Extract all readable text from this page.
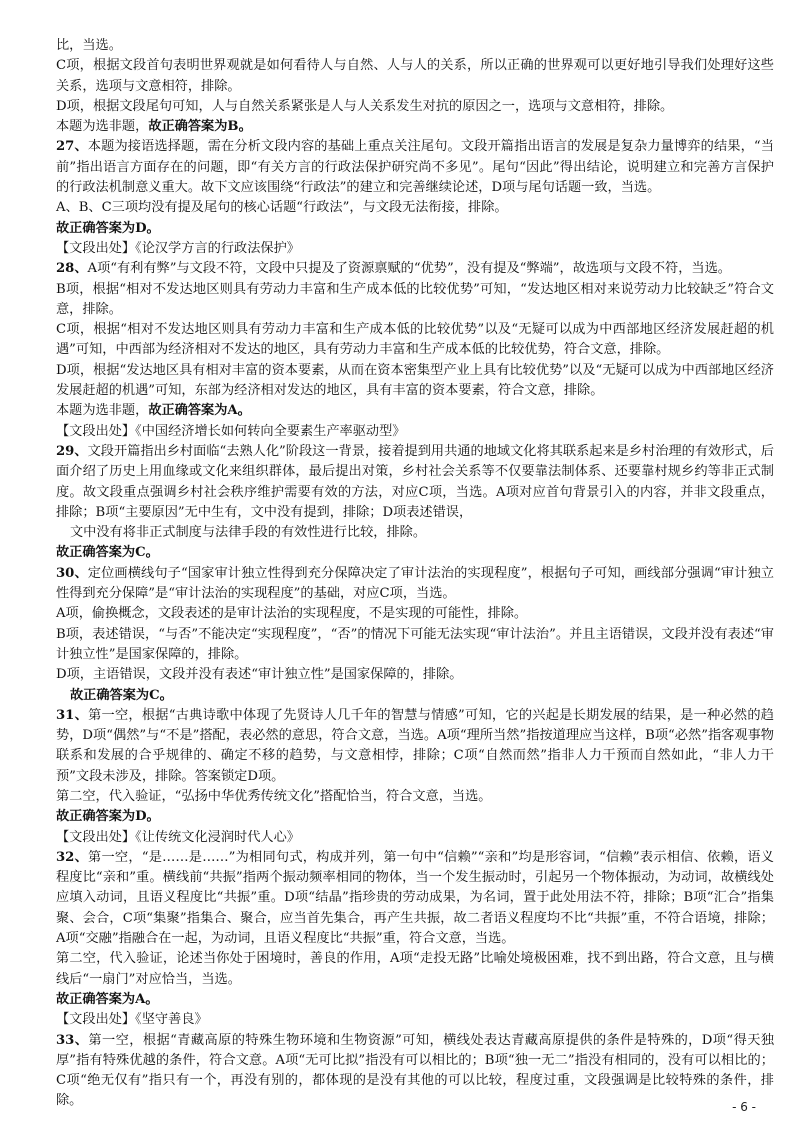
比，当选。

C项，根据文段首句表明世界观就是如何看待人与自然、人与人的关系，所以正确的世界观可以更好地引导我们处理好这些关系，选项与文意相符，排除。

D项，根据文段尾句可知，人与自然关系紧张是人与人关系发生对抗的原因之一，选项与文意相符，排除。

本题为选非题，故正确答案为B。

27、本题为接语选择题，需在分析文段内容的基础上重点关注尾句。文段开篇指出语言的发展是复杂力量博弈的结果，“当前”指出语言方面存在的问题，即“有关方言的行政法保护研究尚不多见”。尾句“因此”得出结论，说明建立和完善方言保护的行政法机制意义重大。故下文应该围绕“行政法”的建立和完善继续论述，D项与尾句话题一致，当选。

A、B、C三项均没有提及尾句的核心话题“行政法”，与文段无法衔接，排除。

故正确答案为D。

【文段出处】《论汉学方言的行政法保护》

28、A项“有利有弊”与文段不符，文段中只提及了资源禀赋的“优势”，没有提及“弊端”，故选项与文段不符，当选。

B项，根据“相对不发达地区则具有劳动力丰富和生产成本低的比较优势”可知，“发达地区相对来说劳动力比较缺乏”符合文意，排除。

C项，根据“相对不发达地区则具有劳动力丰富和生产成本低的比较优势”以及“无疑可以成为中西部地区经济发展赶超的机遇”可知，中西部为经济相对不发达的地区，具有劳动力丰富和生产成本低的比较优势，符合文意，排除。

D项，根据“发达地区具有相对丰富的资本要素，从而在资本密集型产业上具有比较优势”以及“无疑可以成为中西部地区经济发展赶超的机遇”可知，东部为经济相对发达的地区，具有丰富的资本要素，符合文意，排除。

本题为选非题，故正确答案为A。

【文段出处】《中国经济增长如何转向全要素生产率驱动型》

29、文段开篇指出乡村面临“去熟人化”阶段这一背景，接着提到用共通的地域文化将其联系起来是乡村治理的有效形式，后面介绍了历史上用血缘或文化来组织群体，最后提出对策，乡村社会关系等不仅要靠法制体系、还要靠村规乡约等非正式制度。故文段重点强调乡村社会秩序维护需要有效的方法，对应C项，当选。A项对应首句背景引入的内容，并非文段重点，排除；B项“主要原因”无中生有，文中没有提到，排除；D项表述错误，

文中没有将非正式制度与法律手段的有效性进行比较，排除。

故正确答案为C。

30、定位画横线句子“国家审计独立性得到充分保障决定了审计法治的实现程度”，根据句子可知，画线部分强调“审计独立性得到充分保障”是“审计法治的实现程度”的基础，对应C项，当选。

A项，偷换概念，文段表述的是审计法治的实现程度，不是实现的可能性，排除。

B项，表述错误，“与否”不能决定“实现程度”，“否”的情况下可能无法实现“审计法治”。并且主语错误，文段并没有表述“审计独立性”是国家保障的，排除。

D项，主语错误，文段并没有表述“审计独立性”是国家保障的，排除。

故正确答案为C。

31、第一空，根据“古典诗歌中体现了先贤诗人几千年的智慧与情感”可知，它的兴起是长期发展的结果，是一种必然的趋势，D项“偶然”与“不是”搭配，表必然的意思，符合文意，当选。A项“理所当然”指按道理应当这样，B项“必然”指客观事物联系和发展的合乎规律的、确定不移的趋势，与文意相悖，排除；C项“自然而然”指非人力干预而自然如此，“非人力干预”文段未涉及，排除。答案锁定D项。

第二空，代入验证，“弘扬中华优秀传统文化”搭配恰当，符合文意，当选。

故正确答案为D。

【文段出处】《让传统文化浸润时代人心》

32、第一空，“是……是……”为相同句式，构成并列，第一句中“信赖”“亲和”均是形容词，“信赖”表示相信、依赖，语义程度比“亲和”重。横线前“共振”指两个振动频率相同的物体，当一个发生振动时，引起另一个物体振动，为动词，故横线处应填入动词，且语义程度比“共振”重。D项“结晶”指珍贵的劳动成果，为名词，置于此处用法不符，排除；B项“汇合”指集聚、会合，C项“集聚”指集合、聚合，应当首先集合，再产生共振，故二者语义程度均不比“共振”重，不符合语境，排除；A项“交融”指融合在一起，为动词，且语义程度比“共振”重，符合文意，当选。

第二空，代入验证，论述当你处于困境时，善良的作用，A项“走投无路”比喻处境极困难，找不到出路，符合文意，且与横线后“一扇门”对应恰当，当选。

故正确答案为A。

【文段出处】《坚守善良》

33、第一空，根据“青藏高原的特殊生物环境和生物资源”可知，横线处表达青藏高原提供的条件是特殊的，D项“得天独厚”指有特殊优越的条件，符合文意。A项“无可比拟”指没有可以相比的；B项“独一无二”指没有相同的，没有可以相比的；C项“绝无仅有”指只有一个，再没有别的，都体现的是没有其他的可以比较，程度过重，文段强调是比较特殊的条件，排除。	- 6 -
